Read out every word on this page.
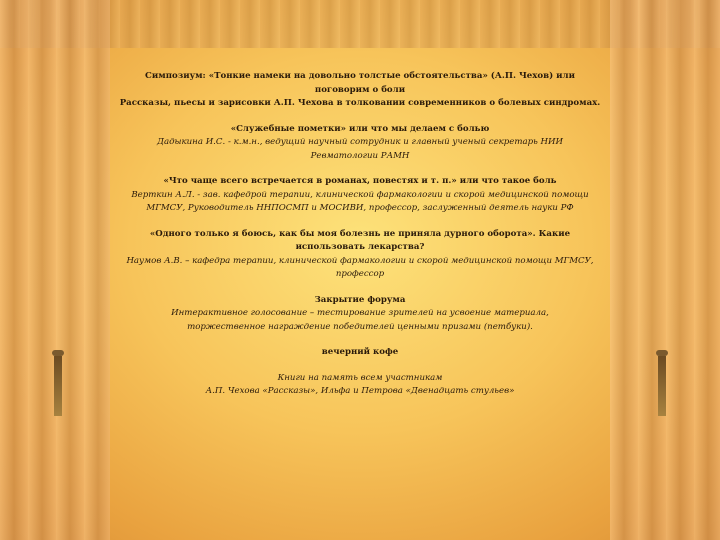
Симпозиум: «Тонкие намеки на довольно толстые обстоятельства» (А.П. Чехов) или
поговорим о боли
Рассказы, пьесы и зарисовки А.П. Чехова в толковании современников о болевых синдромах.
«Служебные пометки» или что мы делаем с болью
Дадыкина И.С. - к.м.н., ведущий научный сотрудник и главный ученый секретарь НИИ
Ревматологии РАМН
«Что чаще всего встречается в романах, повестях и т. п.» или что такое боль
Верткин А.Л. - зав. кафедрой терапии, клинической фармакологии и скорой медицинской помощи
МГМСУ, Руководитель ННПОСМП и МОСИВИ, профессор, заслуженный деятель науки РФ
«Одного только я боюсь, как бы моя болезнь не приняла дурного оборота». Какие
использовать лекарства?
Наумов А.В. – кафедра терапии, клинической фармакологии и скорой медицинской помощи МГМСУ,
профессор
Закрытие форума
Интерактивное голосование – тестирование зрителей на усвоение материала,
торжественное награждение победителей ценными призами (петбуки).
вечерний кофе
Книги на память всем участникам
А.П. Чехова «Рассказы», Ильфа и Петрова «Двенадцать стульев»
